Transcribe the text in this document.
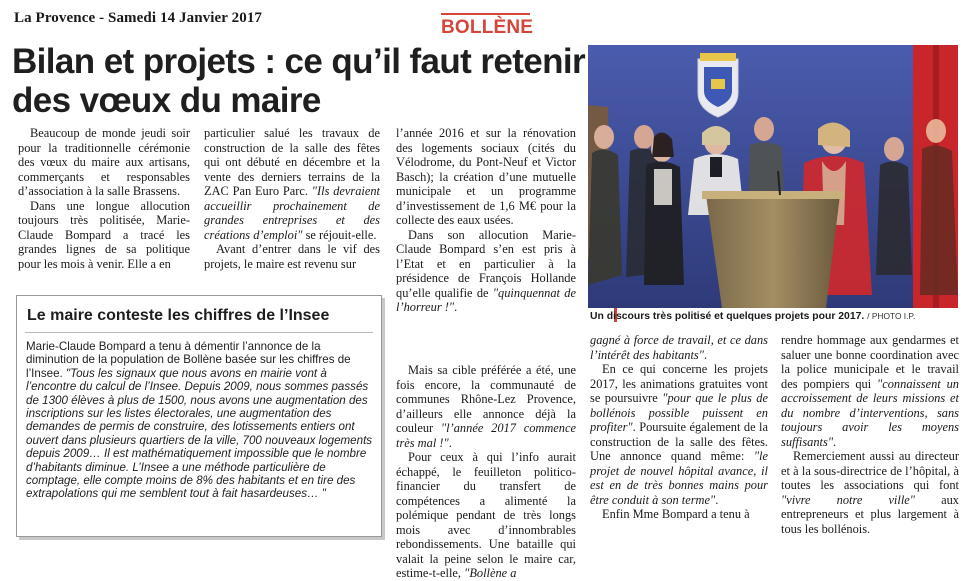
La Provence - Samedi 14 Janvier 2017	BOLLÈNE
Bilan et projets : ce qu’il faut retenir
des vœux du maire

Beaucoup de monde jeudi soir pour la traditionnelle cérémonie des vœux du maire aux artisans, commerçants et responsables d’association à la salle Brassens.

Dans une longue allocution toujours très politisée, Marie-Claude Bompard a tracé les grandes lignes de sa politique pour les mois à venir. Elle a en

particulier salué les travaux de construction de la salle des fêtes qui ont débuté en décembre et la vente des derniers terrains de la ZAC Pan Euro Parc. "Ils devraient accueillir prochainement de grandes entreprises et des créations d’emploi" se réjouit-elle.

Avant d’entrer dans le vif des projets, le maire est revenu sur

l’année 2016 et sur la rénovation des logements sociaux (cités du Vélodrome, du Pont-Neuf et Victor Basch); la création d’une mutuelle municipale et un programme d’investissement de 1,6 M€ pour la collecte des eaux usées.

Dans son allocution Marie-Claude Bompard s’en est pris à l’Etat et en particulier à la présidence de François Hollande qu’elle qualifie de "quinquennat de l’horreur !".

Mais sa cible préférée a été, une fois encore, la communauté de communes Rhône-Lez Provence, d’ailleurs elle annonce déjà la couleur "l’année 2017 commence très mal !".

Pour ceux à qui l’info aurait échappé, le feuilleton politico-financier du transfert de compétences a alimenté la polémique pendant de très longs mois avec d’innombrables rebondissements. Une bataille qui valait la peine selon le maire car, estime-t-elle, "Bollène a

gagné à force de travail, et ce dans l’intérêt des habitants".

En ce qui concerne les projets 2017, les animations gratuites vont se poursuivre "pour que le plus de bollénois possible puissent en profiter". Poursuite également de la construction de la salle des fêtes. Une annonce quand même: "le projet de nouvel hôpital avance, il est en de très bonnes mains pour être conduit à son terme".

Enfin Mme Bompard a tenu à

rendre hommage aux gendarmes et saluer une bonne coordination avec la police municipale et le travail des pompiers qui "connaissent un accroissement de leurs missions et du nombre d’interventions, sans toujours avoir les moyens suffisants".

Remerciement aussi au directeur et à la sous-directrice de l’hôpital, à toutes les associations qui font "vivre notre ville" aux entrepreneurs et plus largement à tous les bollénois.

Le maire conteste les chiffres de l’Insee
Marie-Claude Bompard a tenu à démentir l’annonce de la diminution de la population de Bollène basée sur les chiffres de l’Insee. "Tous les signaux que nous avons en mairie vont à l’encontre du calcul de l’Insee. Depuis 2009, nous sommes passés de 1300 élèves à plus de 1500, nous avons une augmentation des inscriptions sur les listes électorales, une augmentation des demandes de permis de construire, des lotissements entiers ont ouvert dans plusieurs quartiers de la ville, 700 nouveaux logements depuis 2009… Il est mathématiquement impossible que le nombre d’habitants diminue. L’Insee a une méthode particulière de comptage, elle compte moins de 8% des habitants et en tire des extrapolations qui me semblent tout à fait hasardeuses… "
Un discours très politisé et quelques projets pour 2017. / PHOTO I.P.
